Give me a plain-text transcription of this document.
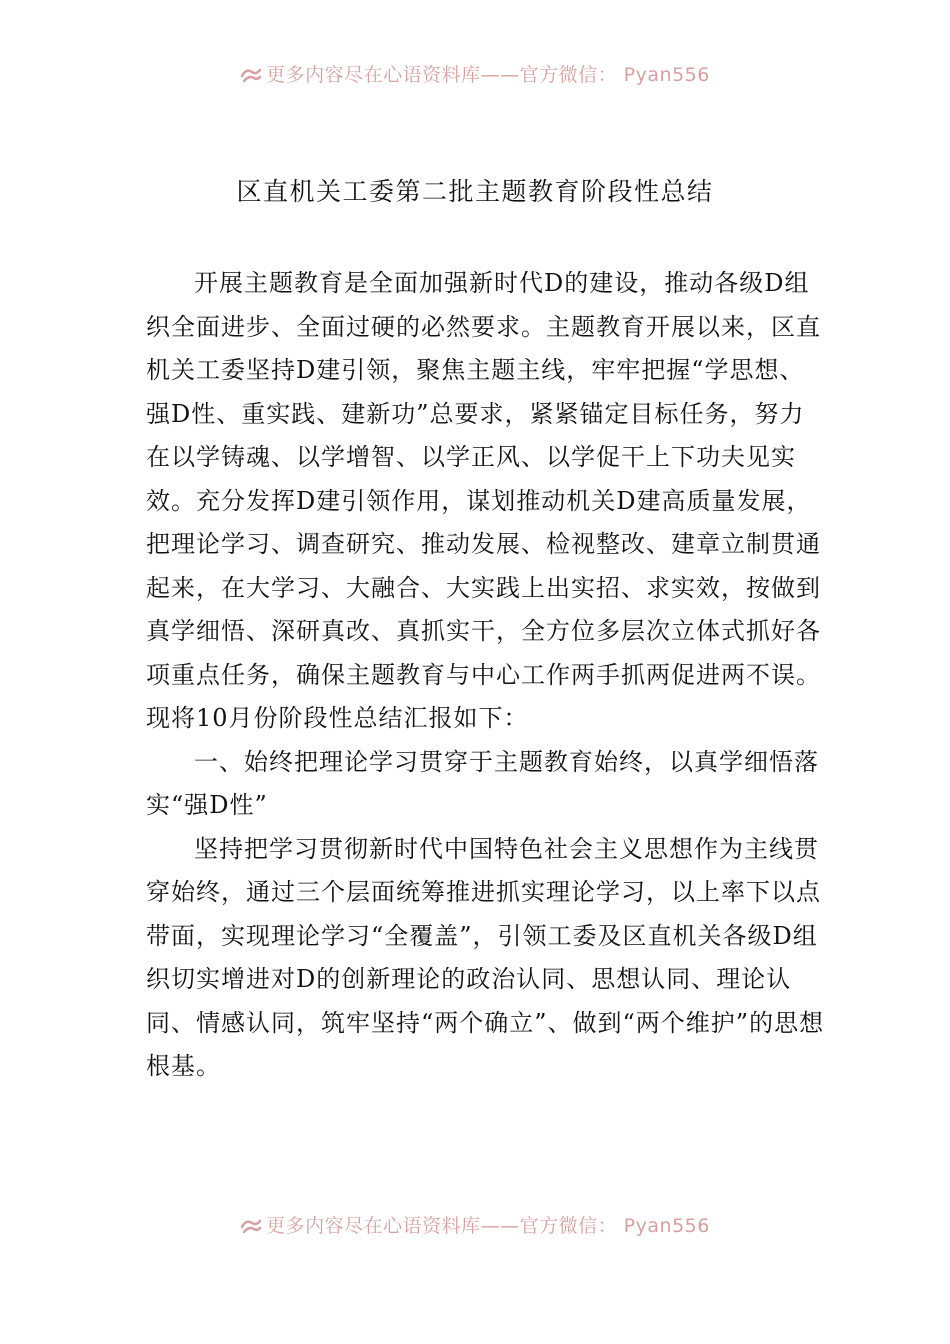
更多内容尽在心语资料库——官方微信： Pyan556
区直机关工委第二批主题教育阶段性总结

开展主题教育是全面加强新时代D的建设，推动各级D组织全面进步、全面过硬的必然要求。主题教育开展以来，区直机关工委坚持D建引领，聚焦主题主线，牢牢把握“学思想、强D性、重实践、建新功”总要求，紧紧锚定目标任务，努力在以学铸魂、以学增智、以学正风、以学促干上下功夫见实效。充分发挥D建引领作用，谋划推动机关D建高质量发展，把理论学习、调查研究、推动发展、检视整改、建章立制贯通起来，在大学习、大融合、大实践上出实招、求实效，按做到真学细悟、深研真改、真抓实干，全方位多层次立体式抓好各项重点任务，确保主题教育与中心工作两手抓两促进两不误。现将10月份阶段性总结汇报如下：

一、始终把理论学习贯穿于主题教育始终，以真学细悟落实“强D性”

坚持把学习贯彻新时代中国特色社会主义思想作为主线贯穿始终，通过三个层面统筹推进抓实理论学习，以上率下以点带面，实现理论学习“全覆盖”，引领工委及区直机关各级D组织切实增进对D的创新理论的政治认同、思想认同、理论认同、情感认同，筑牢坚持“两个确立”、做到“两个维护”的思想根基。

更多内容尽在心语资料库——官方微信： Pyan556
